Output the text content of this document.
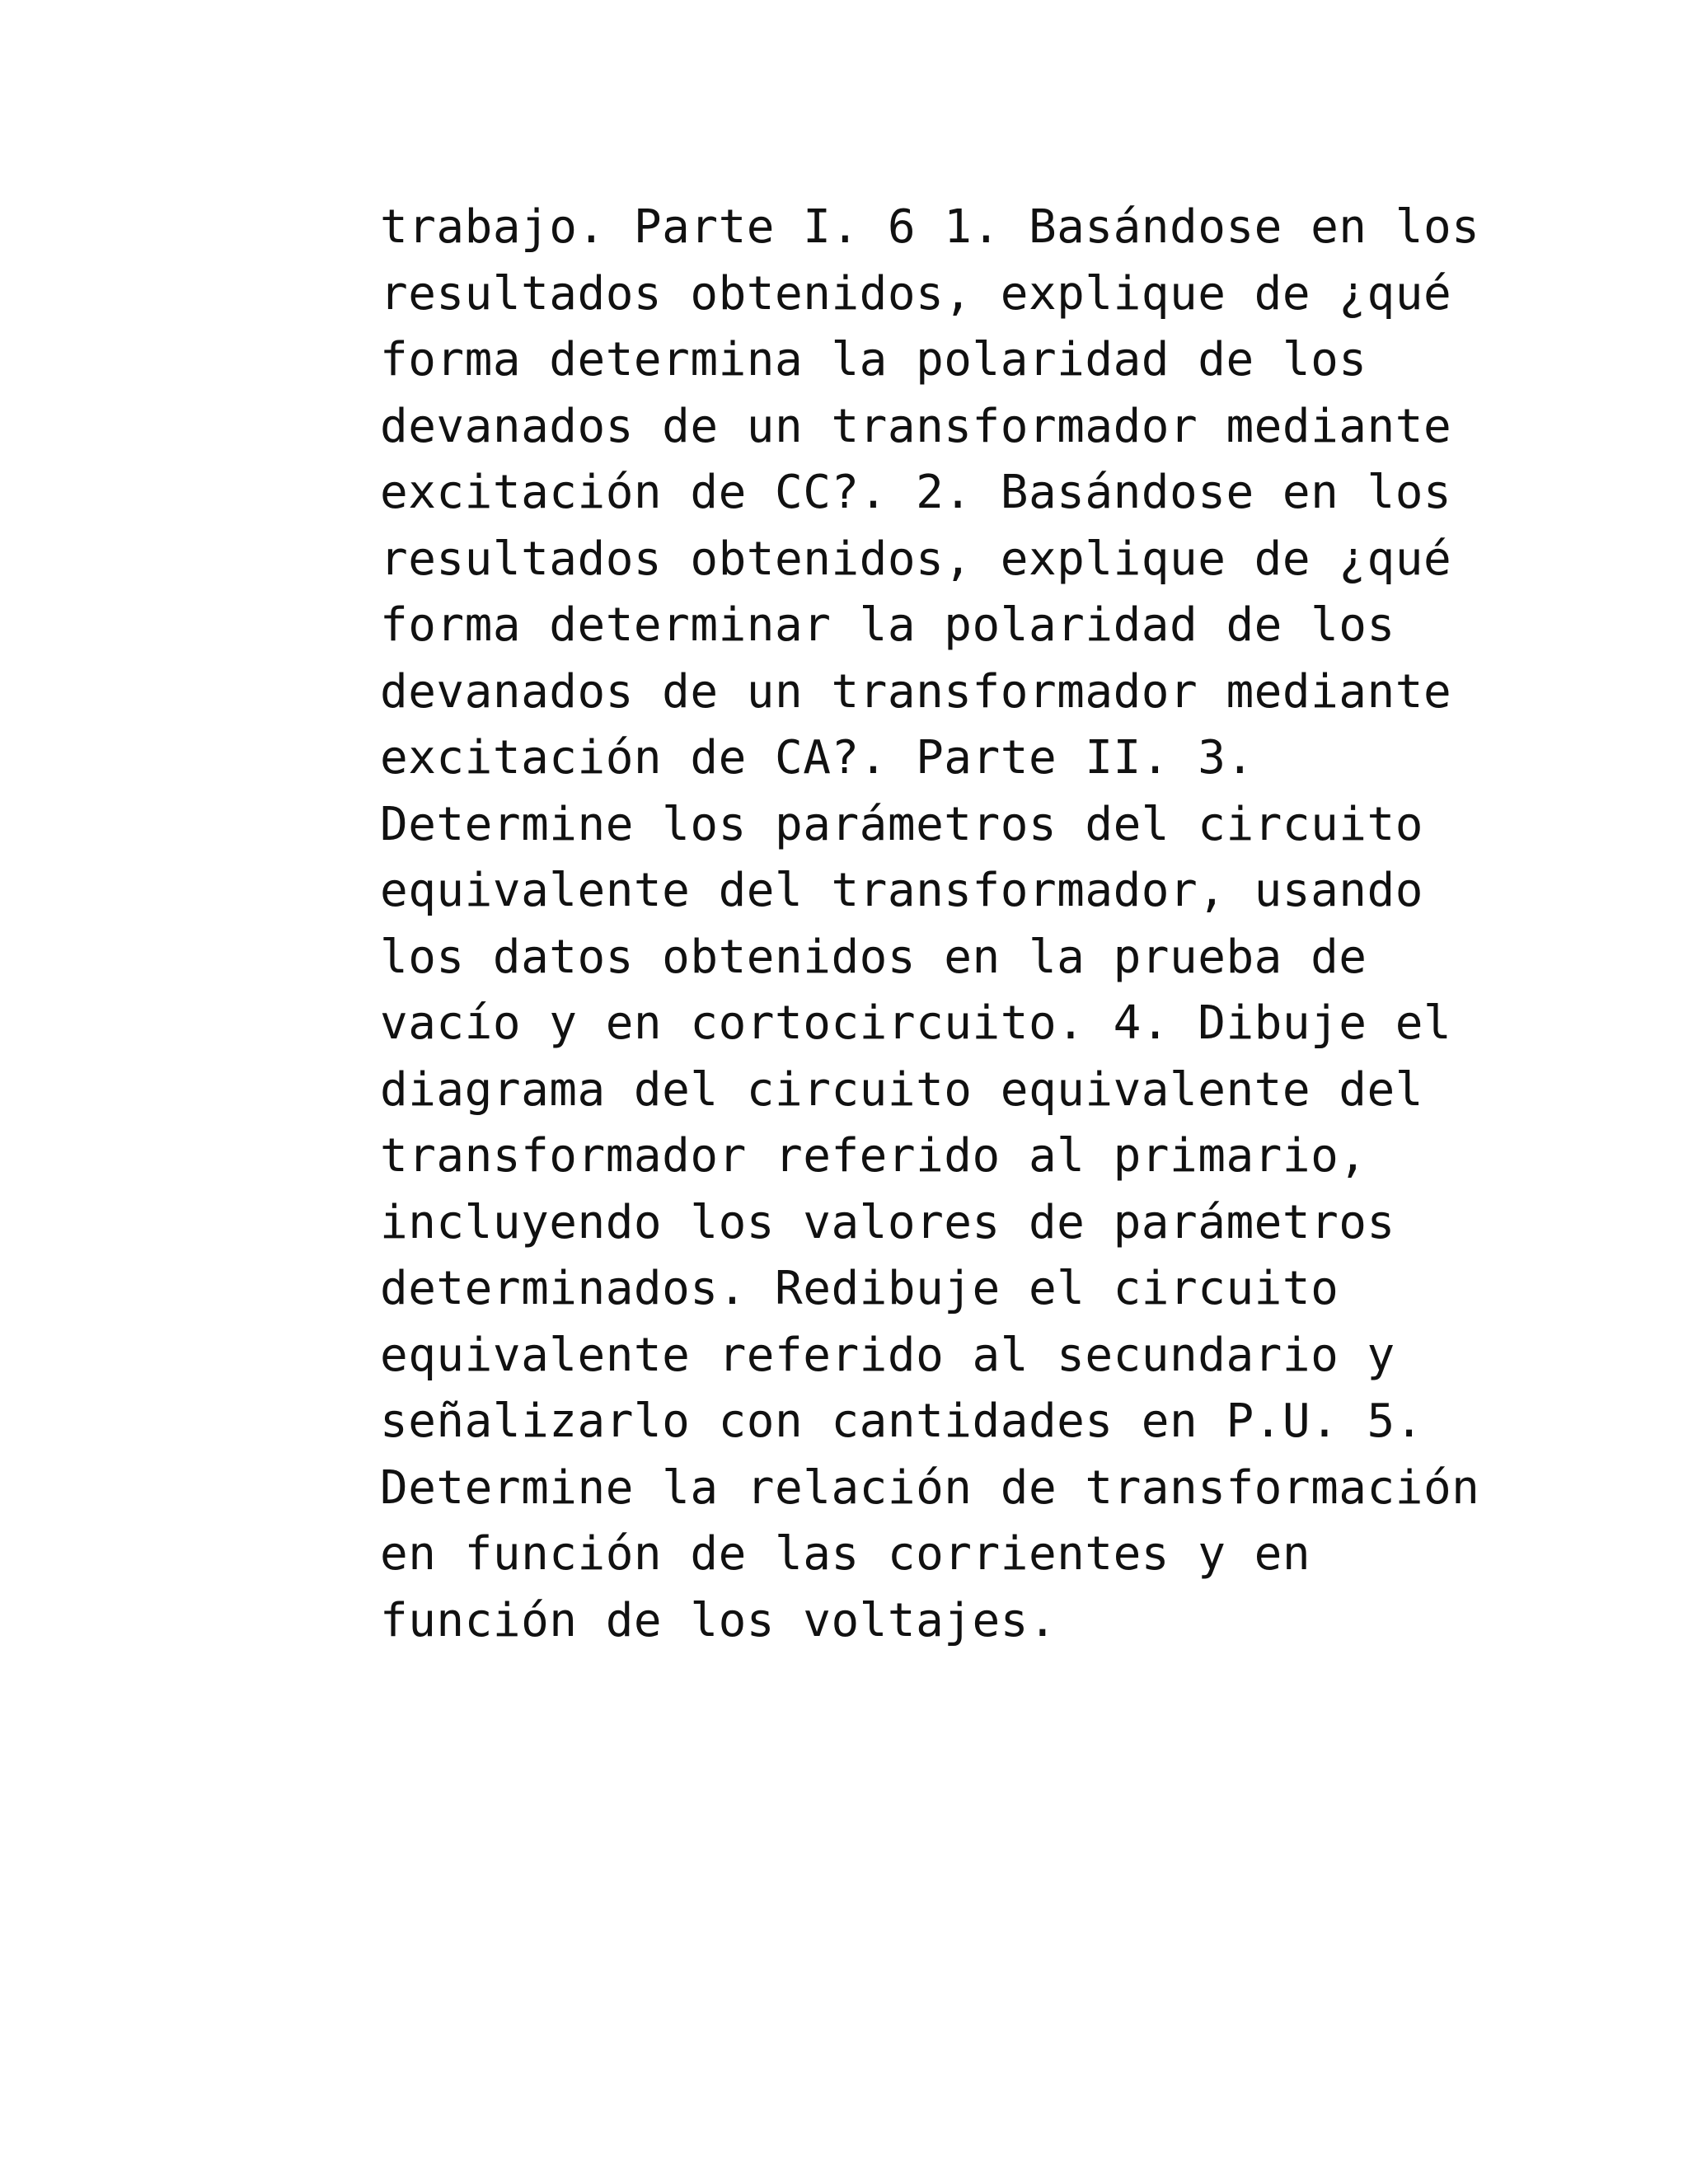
trabajo. Parte I. 6 1. Basándose en los
resultados obtenidos, explique de ¿qué
forma determina la polaridad de los
devanados de un transformador mediante
excitación de CC?. 2. Basándose en los
resultados obtenidos, explique de ¿qué
forma determinar la polaridad de los
devanados de un transformador mediante
excitación de CA?. Parte II. 3.
Determine los parámetros del circuito
equivalente del transformador, usando
los datos obtenidos en la prueba de
vacío y en cortocircuito. 4. Dibuje el
diagrama del circuito equivalente del
transformador referido al primario,
incluyendo los valores de parámetros
determinados. Redibuje el circuito
equivalente referido al secundario y
señalizarlo con cantidades en P.U. 5.
Determine la relación de transformación
en función de las corrientes y en
función de los voltajes.
